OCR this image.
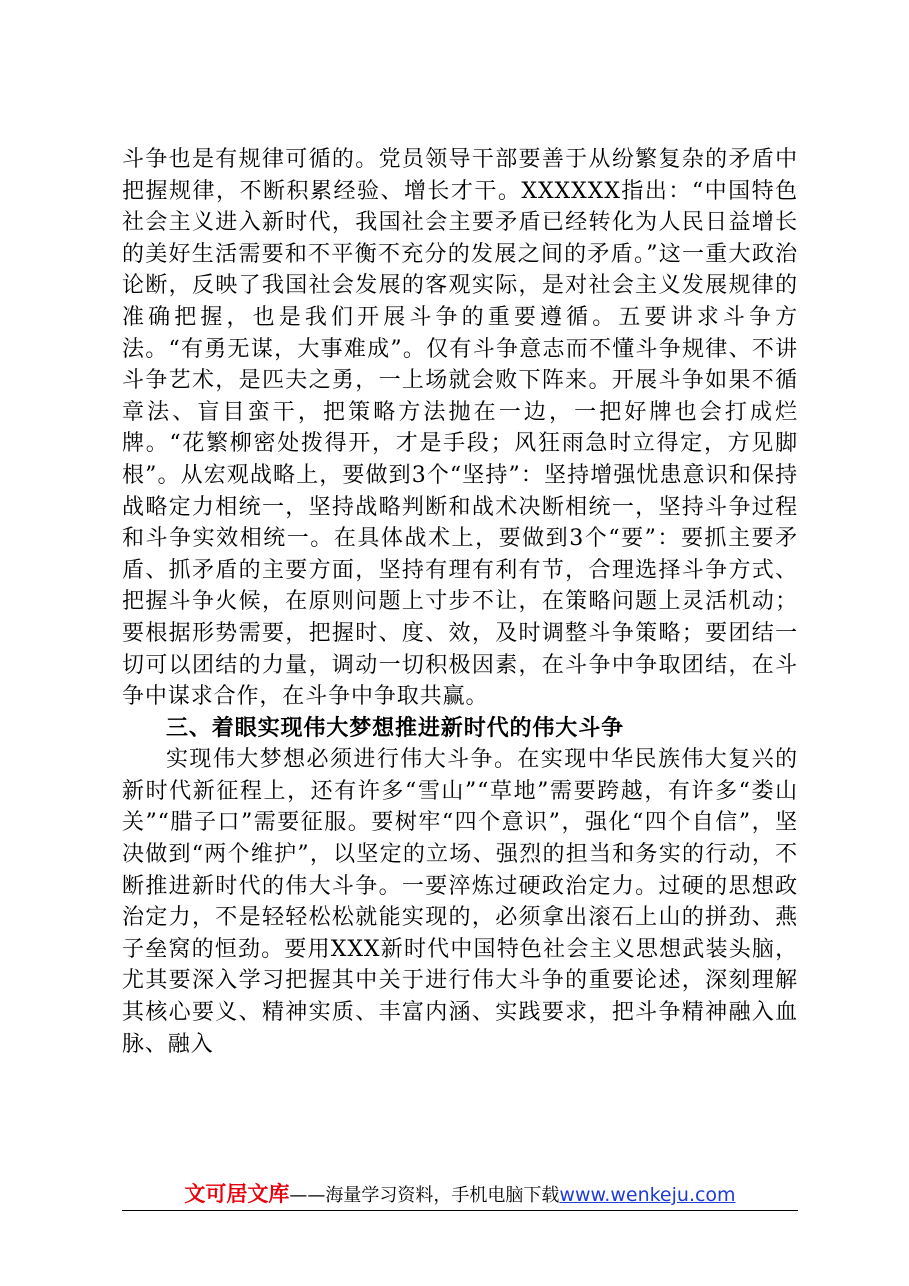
斗争也是有规律可循的。党员领导干部要善于从纷繁复杂的矛盾中把握规律，不断积累经验、增长才干。XXXXXX指出：“中国特色社会主义进入新时代，我国社会主要矛盾已经转化为人民日益增长的美好生活需要和不平衡不充分的发展之间的矛盾。”这一重大政治论断，反映了我国社会发展的客观实际，是对社会主义发展规律的准确把握，也是我们开展斗争的重要遵循。五要讲求斗争方法。“有勇无谋，大事难成”。仅有斗争意志而不懂斗争规律、不讲斗争艺术，是匹夫之勇，一上场就会败下阵来。开展斗争如果不循章法、盲目蛮干，把策略方法抛在一边，一把好牌也会打成烂牌。“花繁柳密处拨得开，才是手段；风狂雨急时立得定，方见脚根”。从宏观战略上，要做到3个“坚持”：坚持增强忧患意识和保持战略定力相统一，坚持战略判断和战术决断相统一，坚持斗争过程和斗争实效相统一。在具体战术上，要做到3个“要”：要抓主要矛盾、抓矛盾的主要方面，坚持有理有利有节，合理选择斗争方式、把握斗争火候，在原则问题上寸步不让，在策略问题上灵活机动；要根据形势需要，把握时、度、效，及时调整斗争策略；要团结一切可以团结的力量，调动一切积极因素，在斗争中争取团结，在斗争中谋求合作，在斗争中争取共赢。

三、着眼实现伟大梦想推进新时代的伟大斗争

实现伟大梦想必须进行伟大斗争。在实现中华民族伟大复兴的新时代新征程上，还有许多“雪山”“草地”需要跨越，有许多“娄山关”“腊子口”需要征服。要树牢“四个意识”，强化“四个自信”，坚决做到“两个维护”，以坚定的立场、强烈的担当和务实的行动，不断推进新时代的伟大斗争。一要淬炼过硬政治定力。过硬的思想政治定力，不是轻轻松松就能实现的，必须拿出滚石上山的拼劲、燕子垒窝的恒劲。要用XXX新时代中国特色社会主义思想武装头脑，尤其要深入学习把握其中关于进行伟大斗争的重要论述，深刻理解其核心要义、精神实质、丰富内涵、实践要求，把斗争精神融入血脉、融入

文可居文库——海量学习资料，手机电脑下载www.wenkeju.com
